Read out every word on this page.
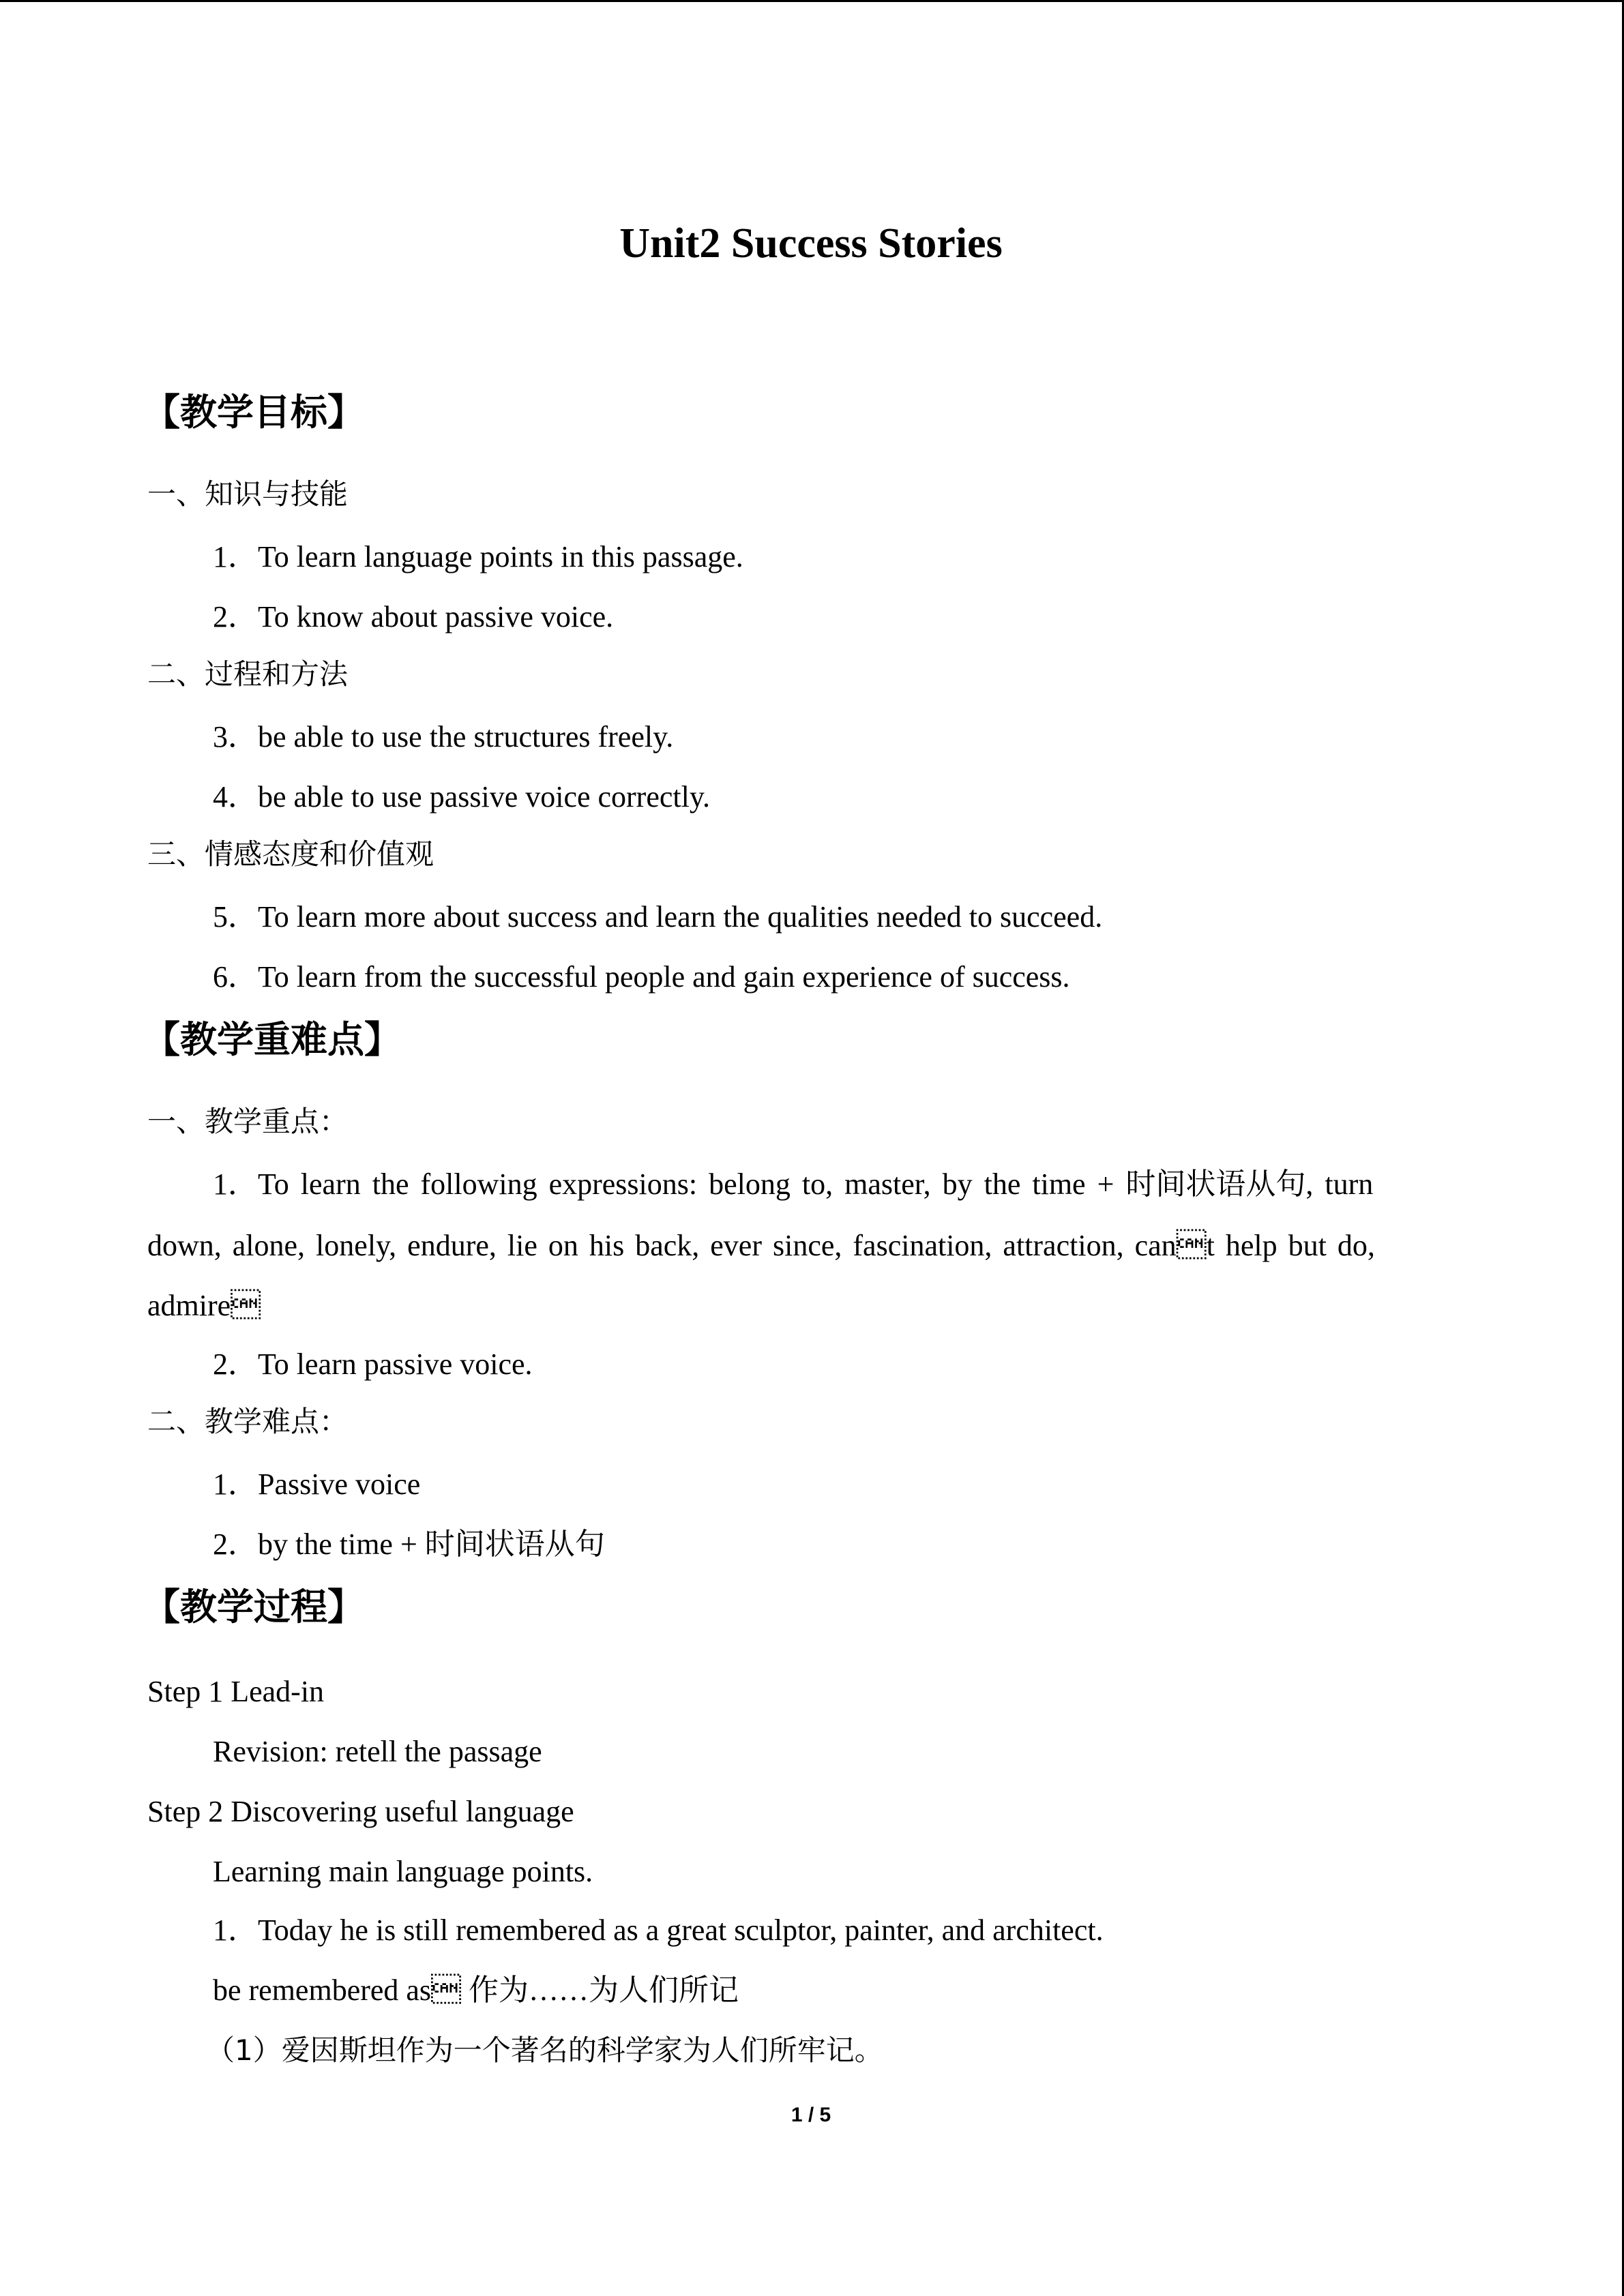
Unit2 Success Stories
【教学目标】
一、知识与技能
1．To learn language points in this passage.
2．To know about passive voice.
二、过程和方法
3．be able to use the structures freely.
4．be able to use passive voice correctly.
三、情感态度和价值观
5．To learn more about success and learn the qualities needed to succeed.
6．To learn from the successful people and gain experience of success.
【教学重难点】
一、教学重点：
1．To learn the following expressions: belong to, master, by the time + 时间状语从句, turn
down, alone, lonely, endure, lie on his back, ever since, fascination, attraction, cant help but do,
admire
2．To learn passive voice.
二、教学难点：
1．Passive voice
2．by the time + 时间状语从句
【教学过程】
Step 1 Lead-in
Revision: retell the passage
Step 2 Discovering useful language
Learning main language points.
1．Today he is still remembered as a great sculptor, painter, and architect.
be remembered as 作为……为人们所记
（1）爱因斯坦作为一个著名的科学家为人们所牢记。
1 / 5
